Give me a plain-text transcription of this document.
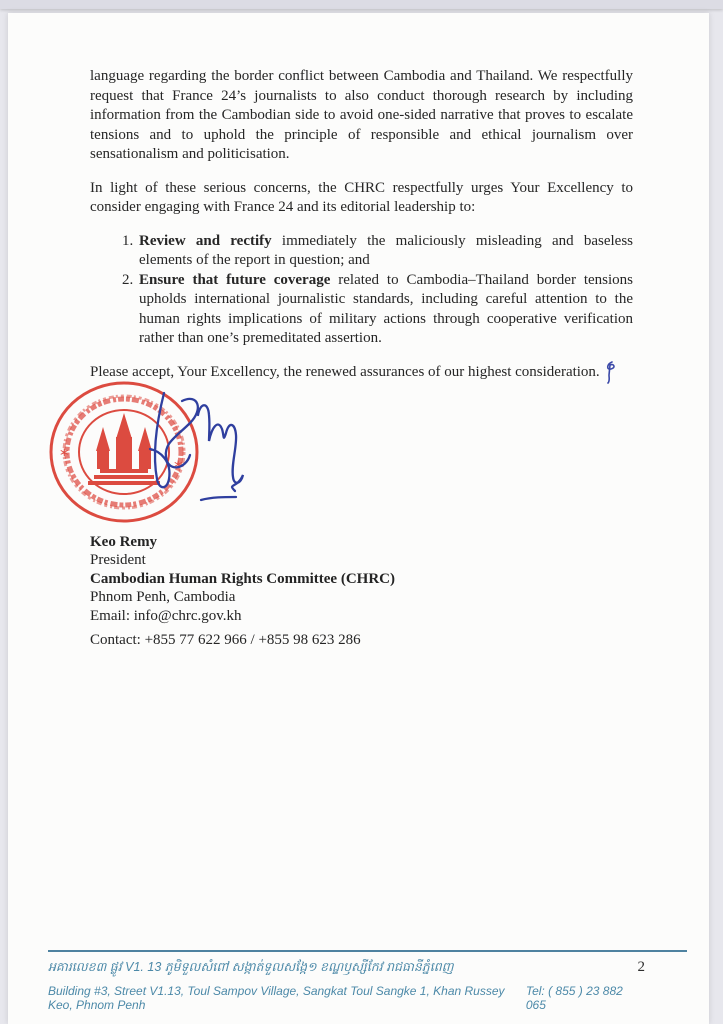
language regarding the border conflict between Cambodia and Thailand. We respectfully request that France 24’s journalists to also conduct thorough research by including information from the Cambodian side to avoid one-sided narrative that proves to escalate tensions and to uphold the principle of responsible and ethical journalism over sensationalism and politicisation.

In light of these serious concerns, the CHRC respectfully urges Your Excellency to consider engaging with France 24 and its editorial leadership to:

1. Review and rectify immediately the maliciously misleading and baseless elements of the report in question; and
2. Ensure that future coverage related to Cambodia–Thailand border tensions upholds international journalistic standards, including careful attention to the human rights implications of military actions through cooperative verification rather than one’s premeditated assertion.

Please accept, Your Excellency, the renewed assurances of our highest consideration.

*
*
Keo Remy
President
Cambodian Human Rights Committee (CHRC)
Phnom Penh, Cambodia
Email: info@chrc.gov.kh
Contact: +855 77 622 966 / +855 98 623 286
អគារលេខ៣ ផ្លូវ V1. 13 ភូមិទួលសំពៅ សង្កាត់ទួលសង្កែ១ ខណ្ឌឫស្សីកែវ រាជធានីភ្នំពេញ	2
Building #3, Street V1.13, Toul Sampov Village, Sangkat Toul Sangke 1, Khan Russey Keo, Phnom Penh
Tel: ( 855 ) 23 882 065
